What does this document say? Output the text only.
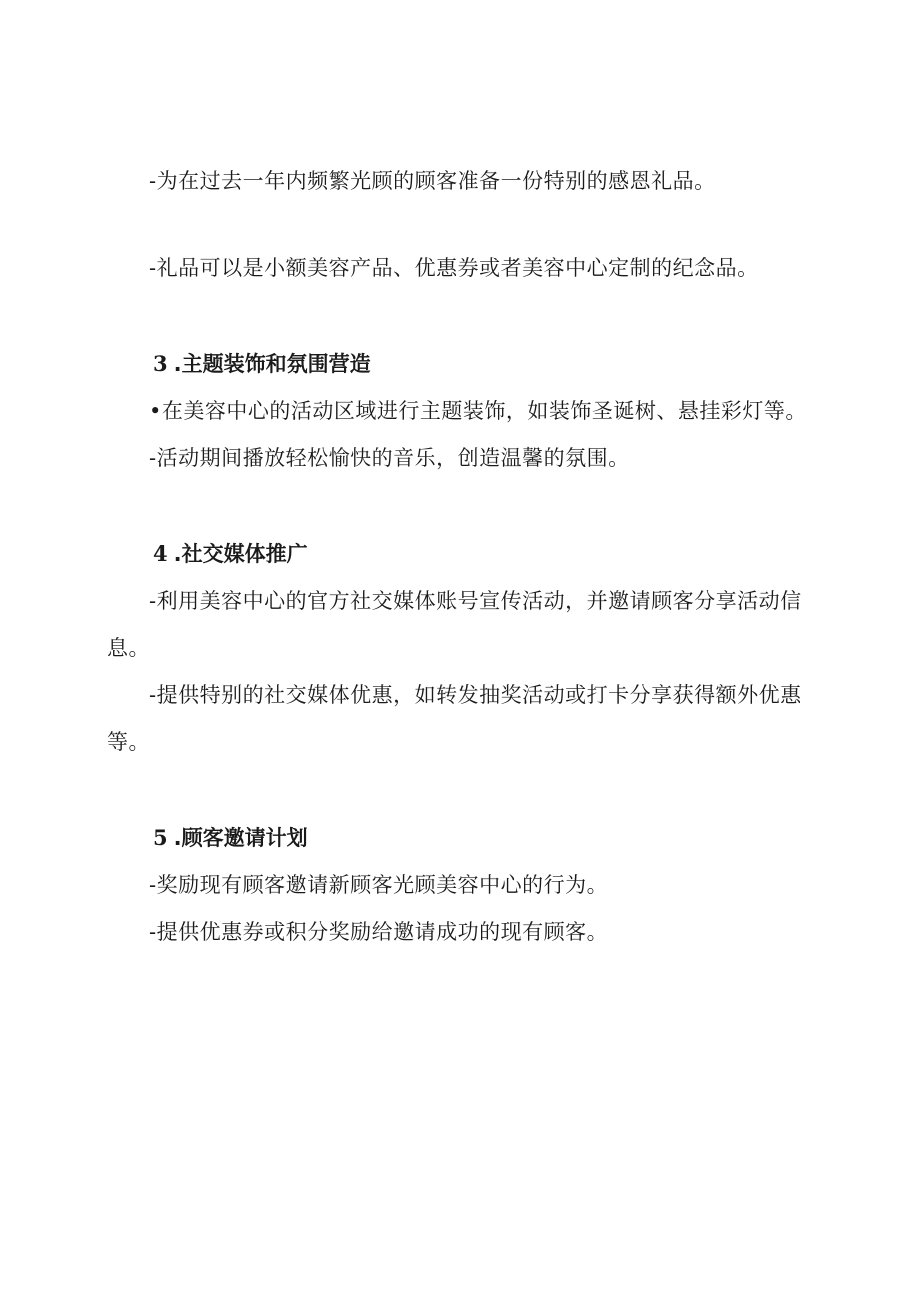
-为在过去一年内频繁光顾的顾客准备一份特别的感恩礼品。

-礼品可以是小额美容产品、优惠券或者美容中心定制的纪念品。

3 .主题装饰和氛围营造

•在美容中心的活动区域进行主题装饰，如装饰圣诞树、悬挂彩灯等。

-活动期间播放轻松愉快的音乐，创造温馨的氛围。

4 .社交媒体推广

-利用美容中心的官方社交媒体账号宣传活动，并邀请顾客分享活动信息。

-提供特别的社交媒体优惠，如转发抽奖活动或打卡分享获得额外优惠等。

5 .顾客邀请计划

-奖励现有顾客邀请新顾客光顾美容中心的行为。

-提供优惠券或积分奖励给邀请成功的现有顾客。
